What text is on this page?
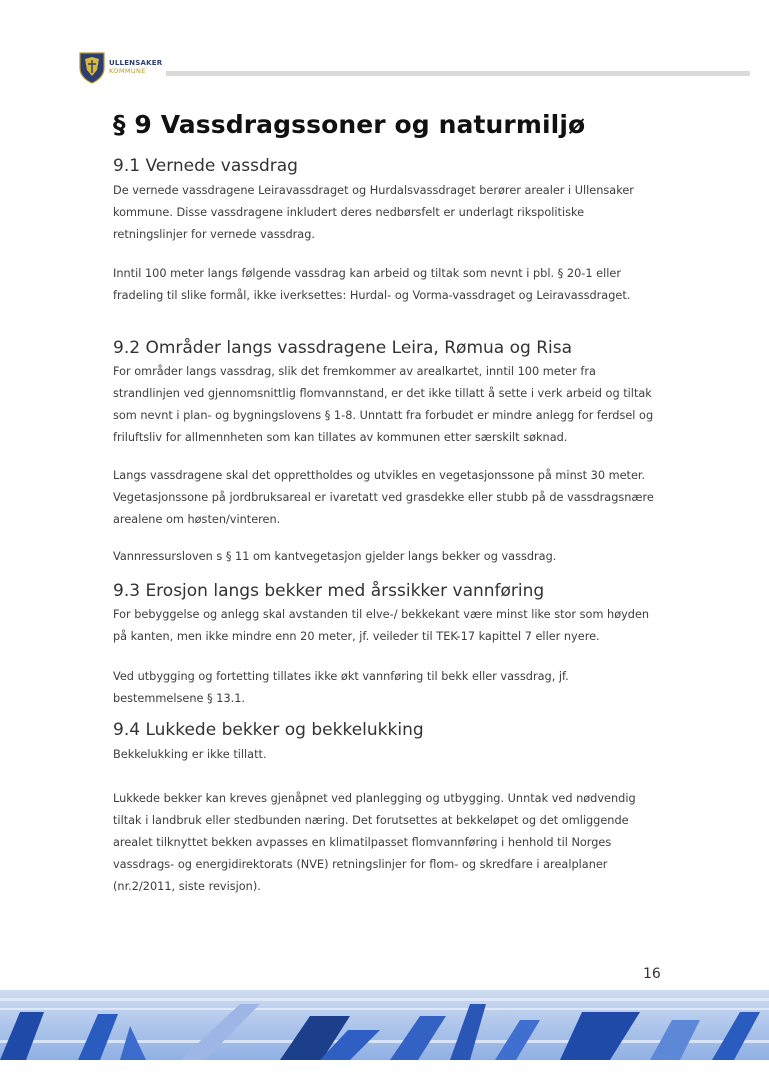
ULLENSAKER
KOMMUNE
§ 9 Vassdragssoner og naturmiljø
9.1 Vernede vassdrag

De vernede vassdragene Leiravassdraget og Hurdalsvassdraget berører arealer i Ullensaker kommune. Disse vassdragene inkludert deres nedbørsfelt er underlagt rikspolitiske retningslinjer for vernede vassdrag.

Inntil 100 meter langs følgende vassdrag kan arbeid og tiltak som nevnt i pbl. § 20-1 eller fradeling til slike formål, ikke iverksettes: Hurdal- og Vorma-vassdraget og Leiravassdraget.

9.2 Områder langs vassdragene Leira, Rømua og Risa

For områder langs vassdrag, slik det fremkommer av arealkartet, inntil 100 meter fra strandlinjen ved gjennomsnittlig flomvannstand, er det ikke tillatt å sette i verk arbeid og tiltak som nevnt i plan- og bygningslovens § 1-8. Unntatt fra forbudet er mindre anlegg for ferdsel og friluftsliv for allmennheten som kan tillates av kommunen etter særskilt søknad.

Langs vassdragene skal det opprettholdes og utvikles en vegetasjonssone på minst 30 meter. Vegetasjonssone på jordbruksareal er ivaretatt ved grasdekke eller stubb på de vassdragsnære arealene om høsten/vinteren.

Vannressursloven s § 11 om kantvegetasjon gjelder langs bekker og vassdrag.

9.3 Erosjon langs bekker med årssikker vannføring

For bebyggelse og anlegg skal avstanden til elve-/ bekkekant være minst like stor som høyden på kanten, men ikke mindre enn 20 meter, jf. veileder til TEK-17 kapittel 7 eller nyere.

Ved utbygging og fortetting tillates ikke økt vannføring til bekk eller vassdrag, jf. bestemmelsene § 13.1.

9.4 Lukkede bekker og bekkelukking

Bekkelukking er ikke tillatt.

Lukkede bekker kan kreves gjenåpnet ved planlegging og utbygging. Unntak ved nødvendig tiltak i landbruk eller stedbunden næring. Det forutsettes at bekkeløpet og det omliggende arealet tilknyttet bekken avpasses en klimatilpasset flomvannføring i henhold til Norges vassdrags- og energidirektorats (NVE) retningslinjer for flom- og skredfare i arealplaner (nr.2/2011, siste revisjon).

16
